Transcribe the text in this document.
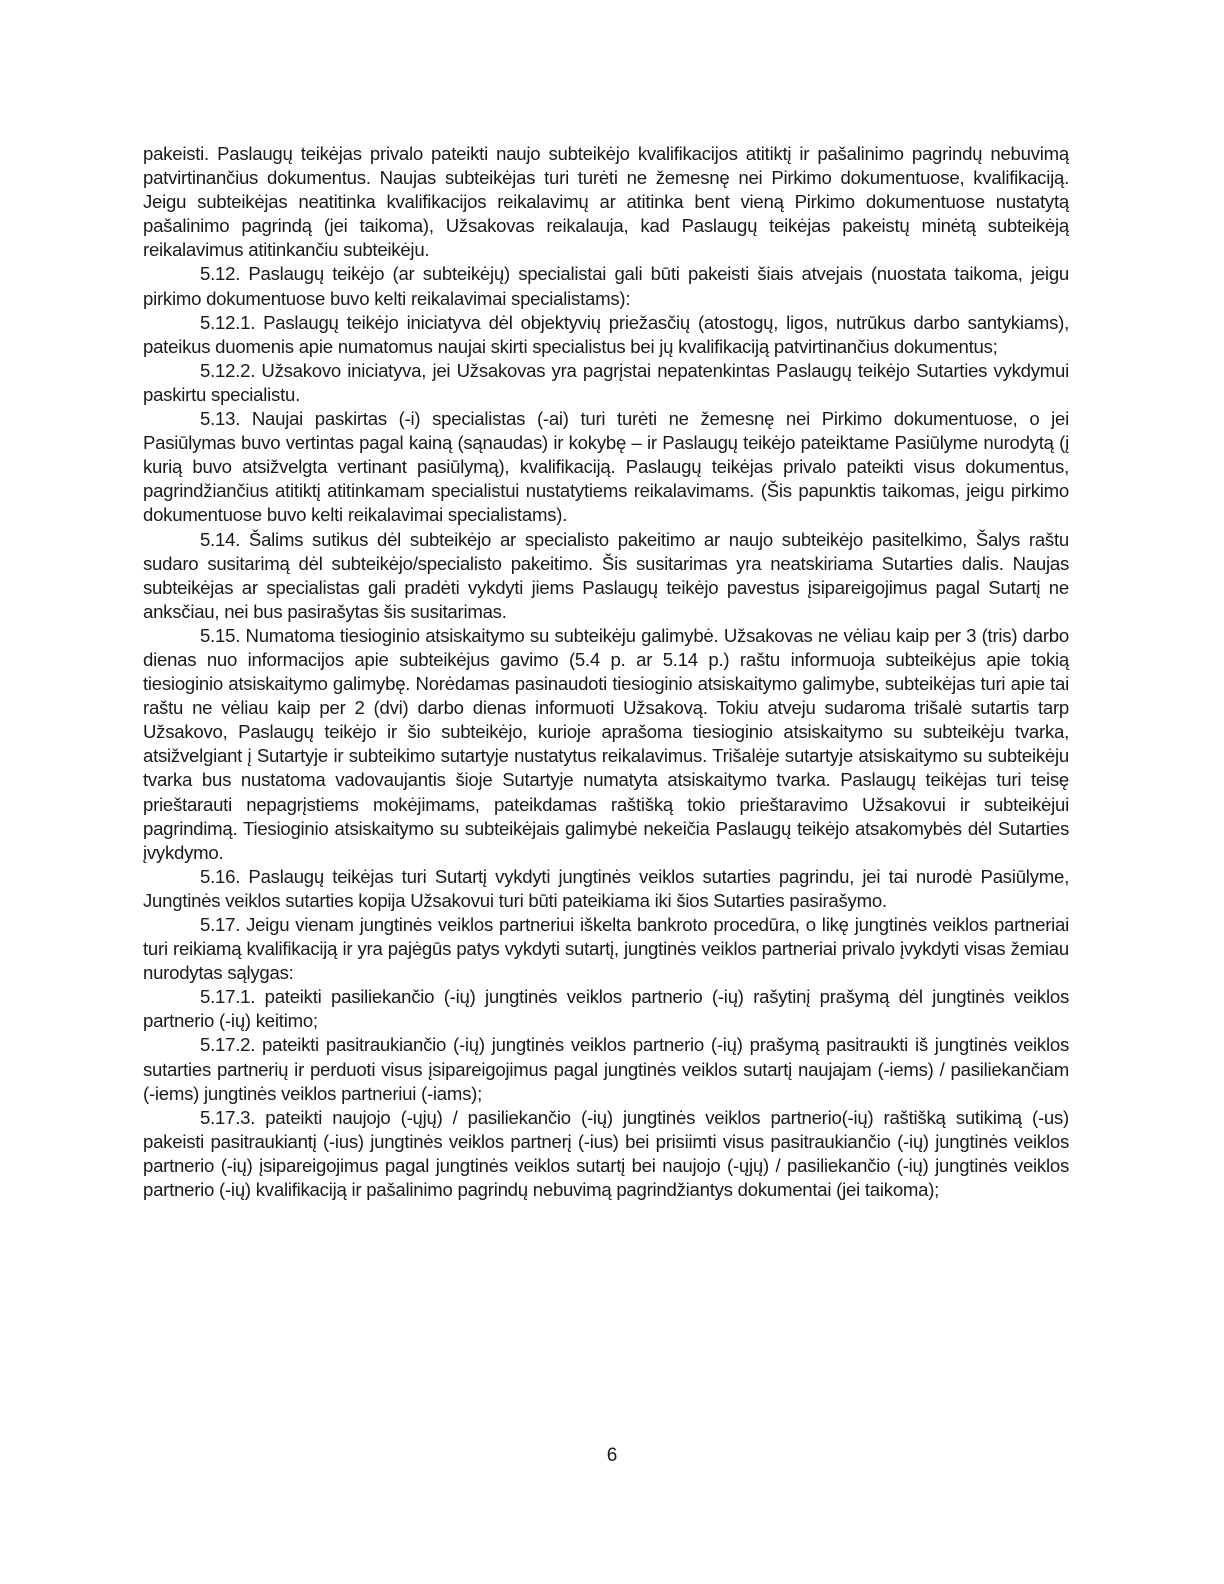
pakeisti. Paslaugų teikėjas privalo pateikti naujo subteikėjo kvalifikacijos atitiktį ir pašalinimo pagrindų nebuvimą patvirtinančius dokumentus. Naujas subteikėjas turi turėti ne žemesnę nei Pirkimo dokumentuose, kvalifikaciją. Jeigu subteikėjas neatitinka kvalifikacijos reikalavimų ar atitinka bent vieną Pirkimo dokumentuose nustatytą pašalinimo pagrindą (jei taikoma), Užsakovas reikalauja, kad Paslaugų teikėjas pakeistų minėtą subteikėją reikalavimus atitinkančiu subteikėju.

5.12. Paslaugų teikėjo (ar subteikėjų) specialistai gali būti pakeisti šiais atvejais (nuostata taikoma, jeigu pirkimo dokumentuose buvo kelti reikalavimai specialistams):

5.12.1. Paslaugų teikėjo iniciatyva dėl objektyvių priežasčių (atostogų, ligos, nutrūkus darbo santykiams), pateikus duomenis apie numatomus naujai skirti specialistus bei jų kvalifikaciją patvirtinančius dokumentus;

5.12.2. Užsakovo iniciatyva, jei Užsakovas yra pagrįstai nepatenkintas Paslaugų teikėjo Sutarties vykdymui paskirtu specialistu.

5.13. Naujai paskirtas (-i) specialistas (-ai) turi turėti ne žemesnę nei Pirkimo dokumentuose, o jei Pasiūlymas buvo vertintas pagal kainą (sąnaudas) ir kokybę – ir Paslaugų teikėjo pateiktame Pasiūlyme nurodytą (į kurią buvo atsižvelgta vertinant pasiūlymą), kvalifikaciją. Paslaugų teikėjas privalo pateikti visus dokumentus, pagrindžiančius atitiktį atitinkamam specialistui nustatytiems reikalavimams. (Šis papunktis taikomas, jeigu pirkimo dokumentuose buvo kelti reikalavimai specialistams).

5.14. Šalims sutikus dėl subteikėjo ar specialisto pakeitimo ar naujo subteikėjo pasitelkimo, Šalys raštu sudaro susitarimą dėl subteikėjo/specialisto pakeitimo. Šis susitarimas yra neatskiriama Sutarties dalis. Naujas subteikėjas ar specialistas gali pradėti vykdyti jiems Paslaugų teikėjo pavestus įsipareigojimus pagal Sutartį ne anksčiau, nei bus pasirašytas šis susitarimas.

5.15. Numatoma tiesioginio atsiskaitymo su subteikėju galimybė. Užsakovas ne vėliau kaip per 3 (tris) darbo dienas nuo informacijos apie subteikėjus gavimo (5.4 p. ar 5.14 p.) raštu informuoja subteikėjus apie tokią tiesioginio atsiskaitymo galimybę. Norėdamas pasinaudoti tiesioginio atsiskaitymo galimybe, subteikėjas turi apie tai raštu ne vėliau kaip per 2 (dvi) darbo dienas informuoti Užsakovą. Tokiu atveju sudaroma trišalė sutartis tarp Užsakovo, Paslaugų teikėjo ir šio subteikėjo, kurioje aprašoma tiesioginio atsiskaitymo su subteikėju tvarka, atsižvelgiant į Sutartyje ir subteikimo sutartyje nustatytus reikalavimus. Trišalėje sutartyje atsiskaitymo su subteikėju tvarka bus nustatoma vadovaujantis šioje Sutartyje numatyta atsiskaitymo tvarka. Paslaugų teikėjas turi teisę prieštarauti nepagrįstiems mokėjimams, pateikdamas raštišką tokio prieštaravimo Užsakovui ir subteikėjui pagrindimą. Tiesioginio atsiskaitymo su subteikėjais galimybė nekeičia Paslaugų teikėjo atsakomybės dėl Sutarties įvykdymo.

5.16. Paslaugų teikėjas turi Sutartį vykdyti jungtinės veiklos sutarties pagrindu, jei tai nurodė Pasiūlyme, Jungtinės veiklos sutarties kopija Užsakovui turi būti pateikiama iki šios Sutarties pasirašymo.

5.17. Jeigu vienam jungtinės veiklos partneriui iškelta bankroto procedūra, o likę jungtinės veiklos partneriai turi reikiamą kvalifikaciją ir yra pajėgūs patys vykdyti sutartį, jungtinės veiklos partneriai privalo įvykdyti visas žemiau nurodytas sąlygas:

5.17.1. pateikti pasiliekančio (-ių) jungtinės veiklos partnerio (-ių) rašytinį prašymą dėl jungtinės veiklos partnerio (-ių) keitimo;

5.17.2. pateikti pasitraukiančio (-ių) jungtinės veiklos partnerio (-ių) prašymą pasitraukti iš jungtinės veiklos sutarties partnerių ir perduoti visus įsipareigojimus pagal jungtinės veiklos sutartį naujajam (-iems) / pasiliekančiam (-iems) jungtinės veiklos partneriui (-iams);

5.17.3. pateikti naujojo (-ųjų) / pasiliekančio (-ių) jungtinės veiklos partnerio(-ių) raštišką sutikimą (-us) pakeisti pasitraukiantį (-ius) jungtinės veiklos partnerį (-ius) bei prisiimti visus pasitraukiančio (-ių) jungtinės veiklos partnerio (-ių) įsipareigojimus pagal jungtinės veiklos sutartį bei naujojo (-ųjų) / pasiliekančio (-ių) jungtinės veiklos partnerio (-ių) kvalifikaciją ir pašalinimo pagrindų nebuvimą pagrindžiantys dokumentai (jei taikoma);

6
